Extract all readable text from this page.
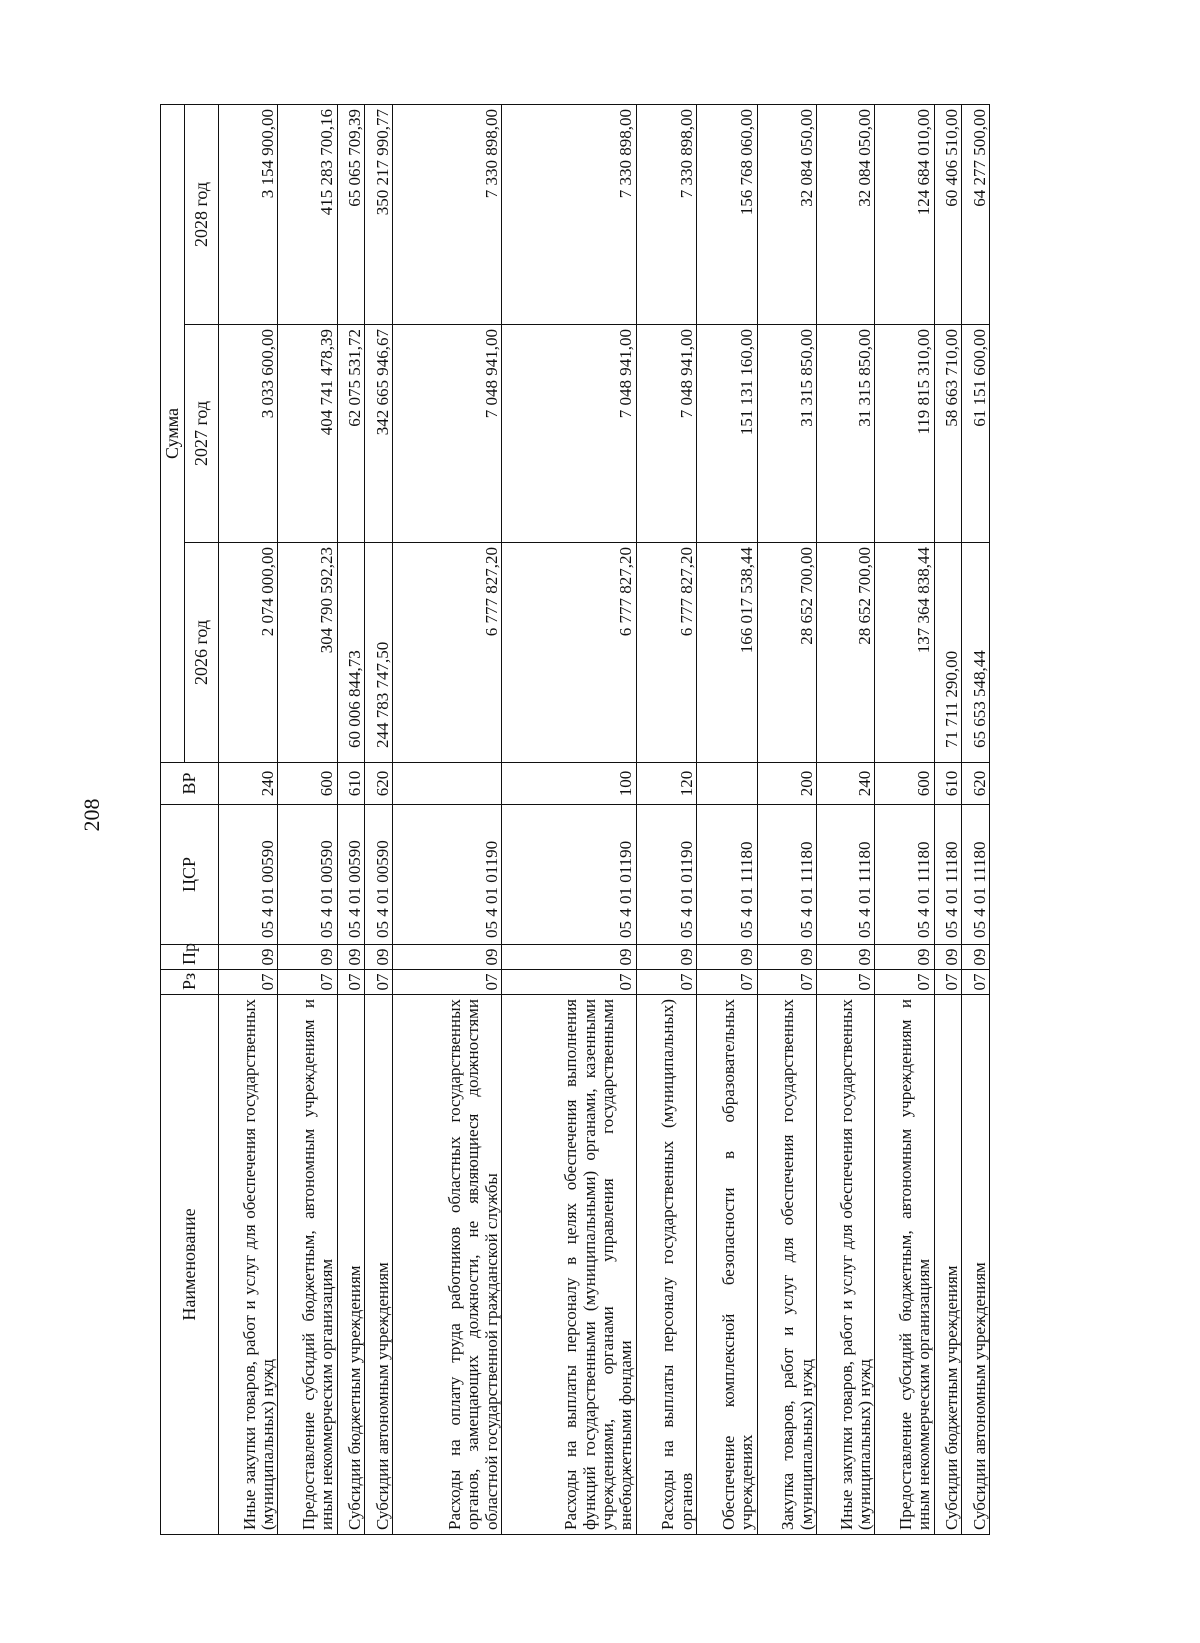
208
Наименование	Рз	Пр	ЦСР	ВР	Сумма		
					2026 год	2027 год	2028 год
Иные закупки товаров, работ и услуг для обеспечения государственных (муниципальных) нужд	07	09	05 4 01 00590	240	2 074 000,00	3 033 600,00	3 154 900,00
Предоставление субсидий бюджетным, автономным учреждениям и иным некоммерческим организациям	07	09	05 4 01 00590	600	304 790 592,23	404 741 478,39	415 283 700,16
Субсидии бюджетным учреждениям	07	09	05 4 01 00590	610	60 006 844,73	62 075 531,72	65 065 709,39
Субсидии автономным учреждениям	07	09	05 4 01 00590	620	244 783 747,50	342 665 946,67	350 217 990,77
Расходы на оплату труда работников областных государственных органов, замещающих должности, не являющиеся должностями областной государственной гражданской службы	07	09	05 4 01 01190		6 777 827,20	7 048 941,00	7 330 898,00
Расходы на выплаты персоналу в целях обеспечения выполнения функций государственными (муниципальными) органами, казенными учреждениями, органами управления государственными внебюджетными фондами	07	09	05 4 01 01190	100	6 777 827,20	7 048 941,00	7 330 898,00
Расходы на выплаты персоналу государственных (муниципальных) органов	07	09	05 4 01 01190	120	6 777 827,20	7 048 941,00	7 330 898,00
Обеспечение комплексной безопасности в образовательных учреждениях	07	09	05 4 01 11180		166 017 538,44	151 131 160,00	156 768 060,00
Закупка товаров, работ и услуг для обеспечения государственных (муниципальных) нужд	07	09	05 4 01 11180	200	28 652 700,00	31 315 850,00	32 084 050,00
Иные закупки товаров, работ и услуг для обеспечения государственных (муниципальных) нужд	07	09	05 4 01 11180	240	28 652 700,00	31 315 850,00	32 084 050,00
Предоставление субсидий бюджетным, автономным учреждениям и иным некоммерческим организациям	07	09	05 4 01 11180	600	137 364 838,44	119 815 310,00	124 684 010,00
Субсидии бюджетным учреждениям	07	09	05 4 01 11180	610	71 711 290,00	58 663 710,00	60 406 510,00
Субсидии автономным учреждениям	07	09	05 4 01 11180	620	65 653 548,44	61 151 600,00	64 277 500,00
